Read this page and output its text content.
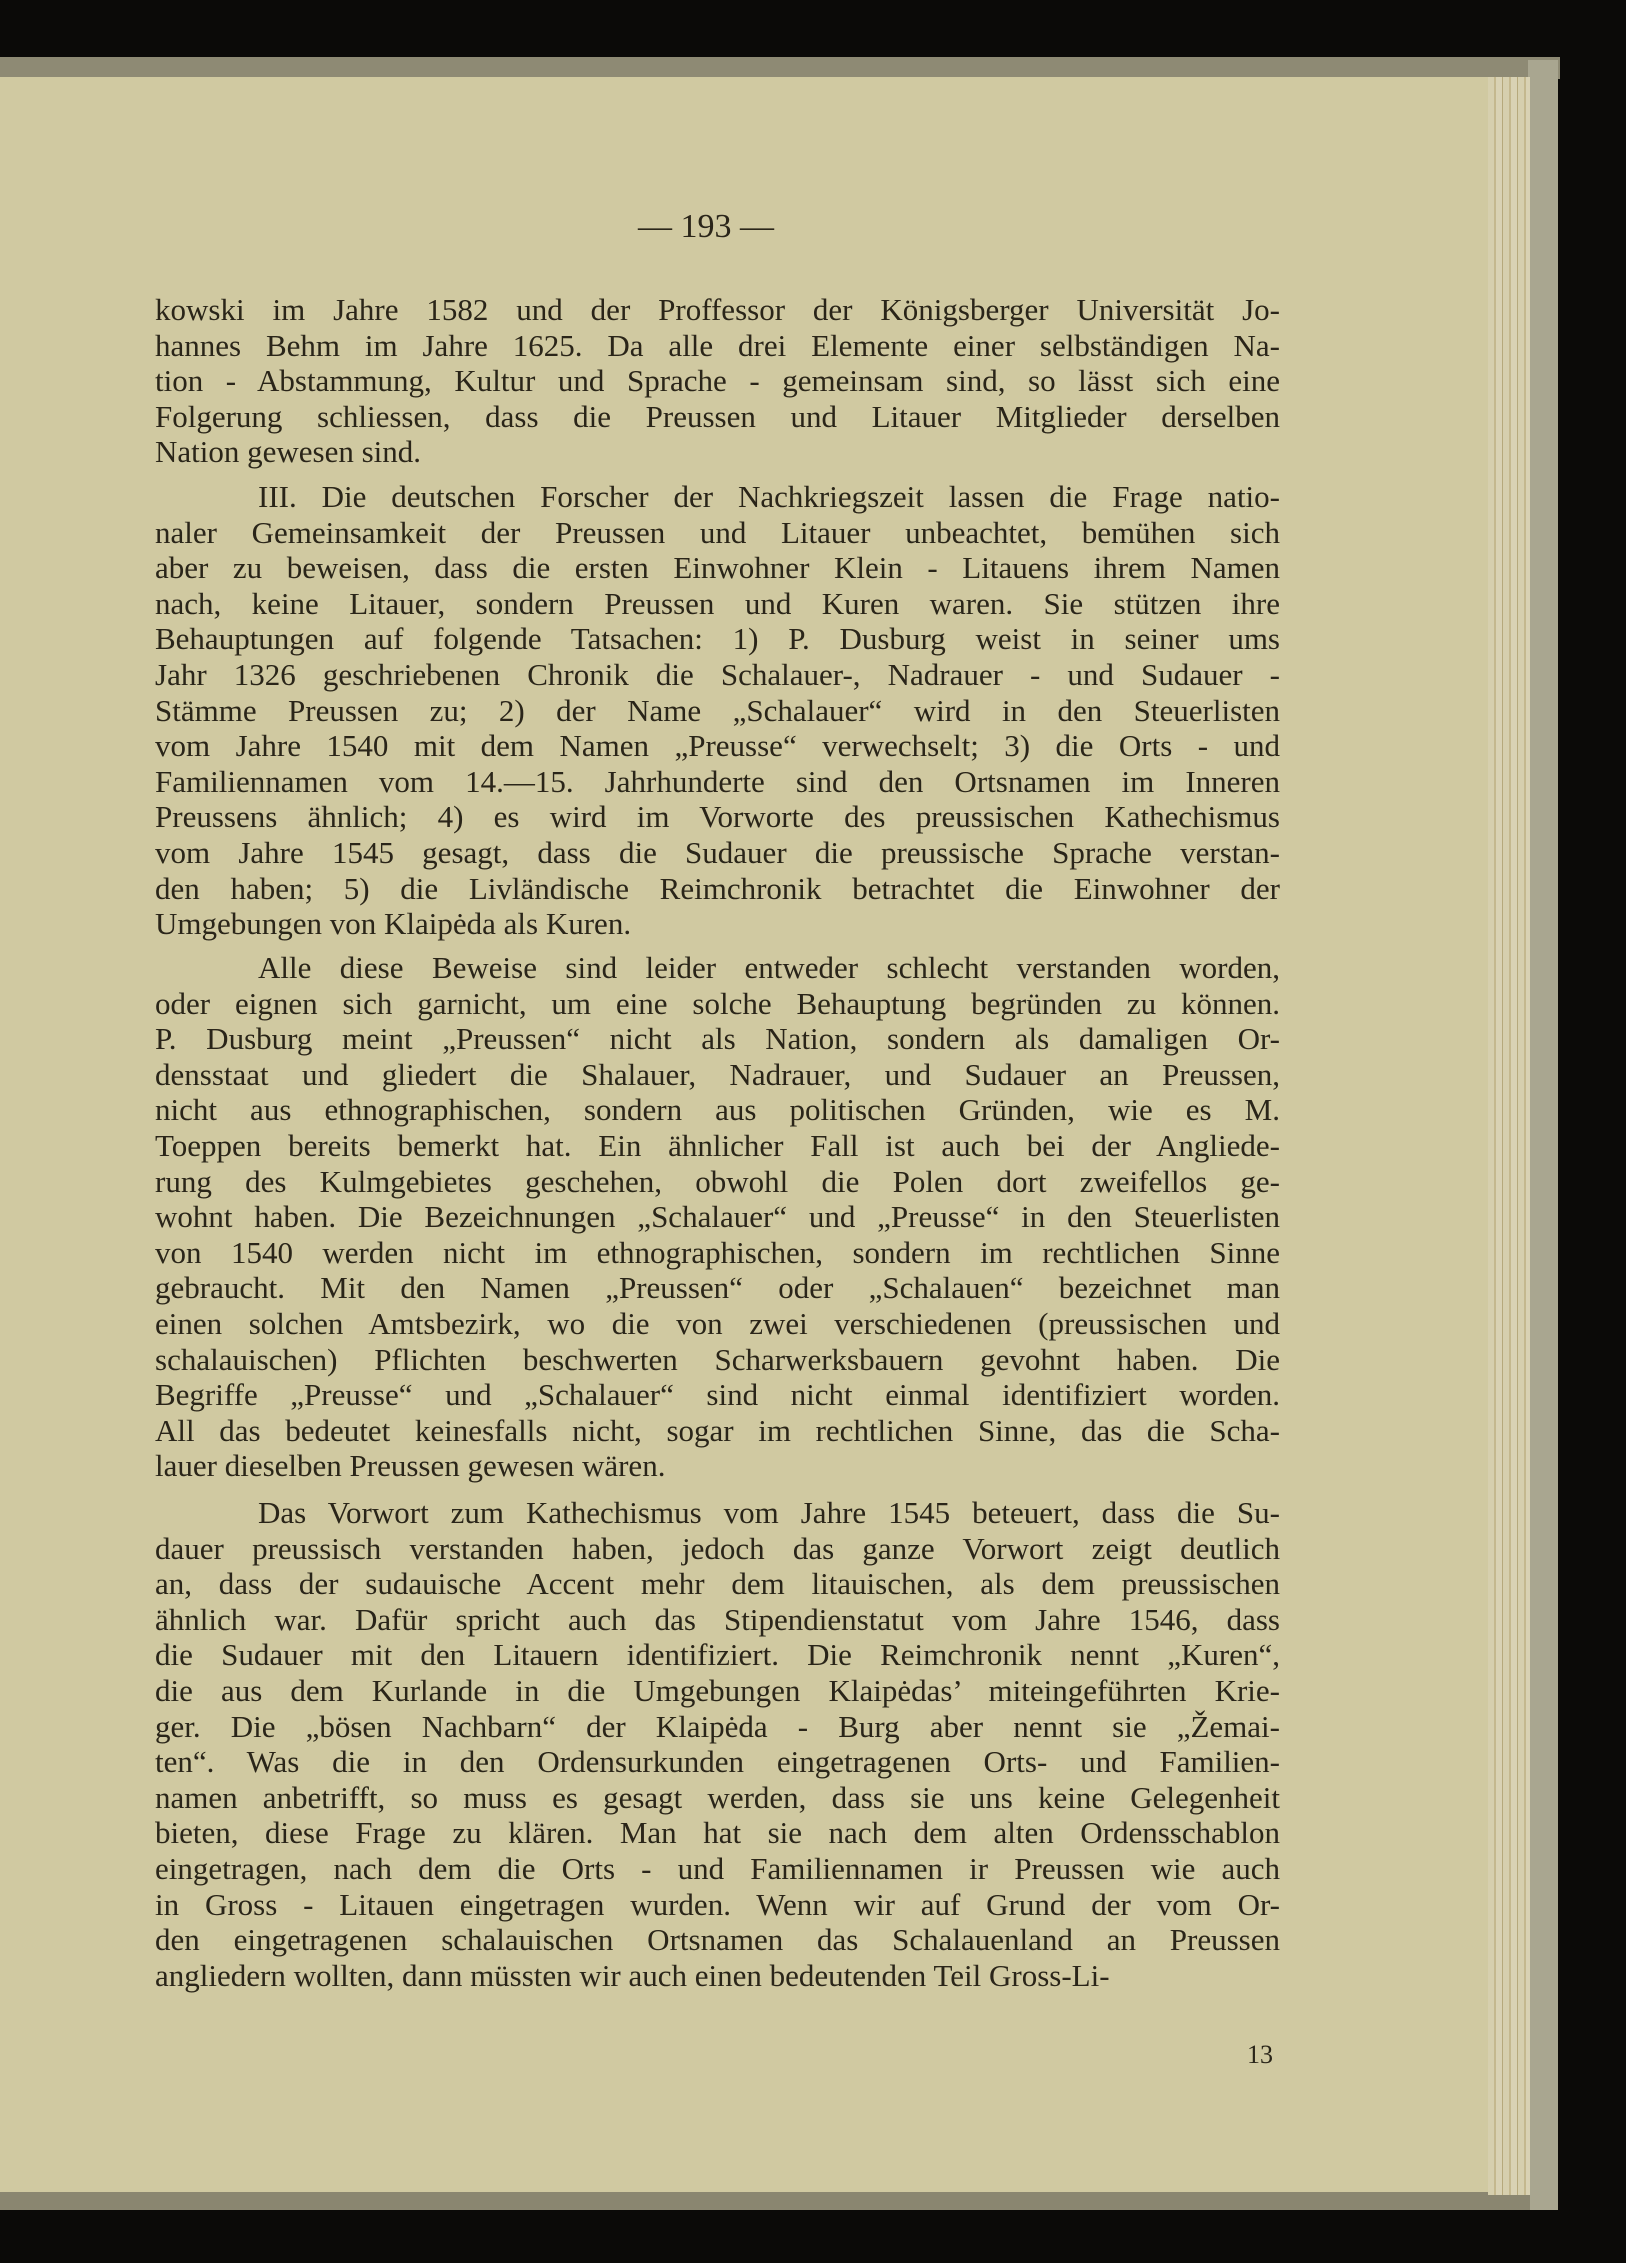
— 193 —
kowski im Jahre 1582 und der Proffessor der Königsberger Universität Jo-
hannes Behm im Jahre 1625. Da alle drei Elemente einer selbständigen Na-
tion - Abstammung, Kultur und Sprache - gemeinsam sind, so lässt sich eine
Folgerung schliessen, dass die Preussen und Litauer Mitglieder derselben
Nation gewesen sind.
III. Die deutschen Forscher der Nachkriegszeit lassen die Frage natio-
naler Gemeinsamkeit der Preussen und Litauer unbeachtet, bemühen sich
aber zu beweisen, dass die ersten Einwohner Klein - Litauens ihrem Namen
nach, keine Litauer, sondern Preussen und Kuren waren. Sie stützen ihre
Behauptungen auf folgende Tatsachen: 1) P. Dusburg weist in seiner ums
Jahr 1326 geschriebenen Chronik die Schalauer-, Nadrauer - und Sudauer -
Stämme Preussen zu; 2) der Name „Schalauer“ wird in den Steuerlisten
vom Jahre 1540 mit dem Namen „Preusse“ verwechselt; 3) die Orts - und
Familiennamen vom 14.—15. Jahrhunderte sind den Ortsnamen im Inneren
Preussens ähnlich; 4) es wird im Vorworte des preussischen Kathechismus
vom Jahre 1545 gesagt, dass die Sudauer die preussische Sprache verstan-
den haben; 5) die Livländische Reimchronik betrachtet die Einwohner der
Umgebungen von Klaipėda als Kuren.
Alle diese Beweise sind leider entweder schlecht verstanden worden,
oder eignen sich garnicht, um eine solche Behauptung begründen zu können.
P. Dusburg meint „Preussen“ nicht als Nation, sondern als damaligen Or-
densstaat und gliedert die Shalauer, Nadrauer, und Sudauer an Preussen,
nicht aus ethnographischen, sondern aus politischen Gründen, wie es M.
Toeppen bereits bemerkt hat. Ein ähnlicher Fall ist auch bei der Angliede-
rung des Kulmgebietes geschehen, obwohl die Polen dort zweifellos ge-
wohnt haben. Die Bezeichnungen „Schalauer“ und „Preusse“ in den Steuerlisten
von 1540 werden nicht im ethnographischen, sondern im rechtlichen Sinne
gebraucht. Mit den Namen „Preussen“ oder „Schalauen“ bezeichnet man
einen solchen Amtsbezirk, wo die von zwei verschiedenen (preussischen und
schalauischen) Pflichten beschwerten Scharwerksbauern gevohnt haben. Die
Begriffe „Preusse“ und „Schalauer“ sind nicht einmal identifiziert worden.
All das bedeutet keinesfalls nicht, sogar im rechtlichen Sinne, das die Scha-
lauer dieselben Preussen gewesen wären.
Das Vorwort zum Kathechismus vom Jahre 1545 beteuert, dass die Su-
dauer preussisch verstanden haben, jedoch das ganze Vorwort zeigt deutlich
an, dass der sudauische Accent mehr dem litauischen, als dem preussischen
ähnlich war. Dafür spricht auch das Stipendienstatut vom Jahre 1546, dass
die Sudauer mit den Litauern identifiziert. Die Reimchronik nennt „Kuren“,
die aus dem Kurlande in die Umgebungen Klaipėdas’ miteingeführten Krie-
ger. Die „bösen Nachbarn“ der Klaipėda - Burg aber nennt sie „Žemai-
ten“. Was die in den Ordensurkunden eingetragenen Orts- und Familien-
namen anbetrifft, so muss es gesagt werden, dass sie uns keine Gelegenheit
bieten, diese Frage zu klären. Man hat sie nach dem alten Ordensschablon
eingetragen, nach dem die Orts - und Familiennamen ir Preussen wie auch
in Gross - Litauen eingetragen wurden. Wenn wir auf Grund der vom Or-
den eingetragenen schalauischen Ortsnamen das Schalauenland an Preussen
angliedern wollten, dann müssten wir auch einen bedeutenden Teil Gross-Li-
13
